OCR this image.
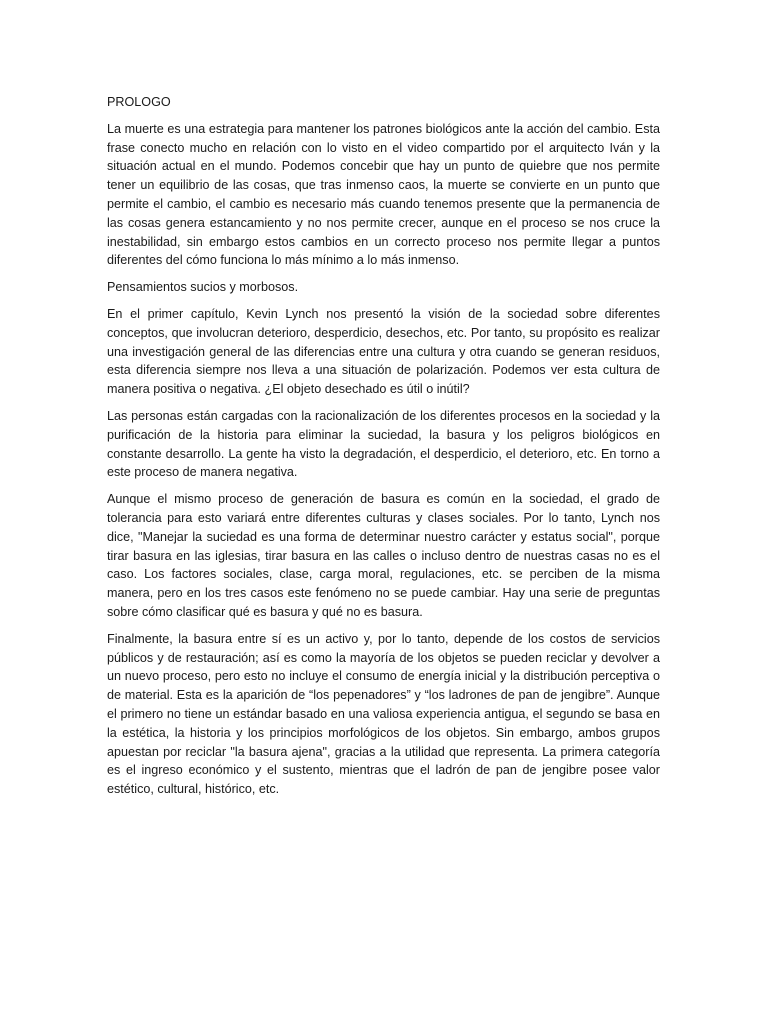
PROLOGO

La muerte es una estrategia para mantener los patrones biológicos ante la acción del cambio. Esta frase conecto mucho en relación con lo visto en el video compartido por el arquitecto Iván y la situación actual en el mundo. Podemos concebir que hay un punto de quiebre que nos permite tener un equilibrio de las cosas, que tras inmenso caos, la muerte se convierte en un punto que permite el cambio, el cambio es necesario más cuando tenemos presente que la permanencia de las cosas genera estancamiento y no nos permite crecer, aunque en el proceso se nos cruce la inestabilidad, sin embargo estos cambios en un correcto proceso nos permite llegar a puntos diferentes del cómo funciona lo más mínimo a lo más inmenso.

Pensamientos sucios y morbosos.

En el primer capítulo, Kevin Lynch nos presentó la visión de la sociedad sobre diferentes conceptos, que involucran deterioro, desperdicio, desechos, etc. Por tanto, su propósito es realizar una investigación general de las diferencias entre una cultura y otra cuando se generan residuos, esta diferencia siempre nos lleva a una situación de polarización. Podemos ver esta cultura de manera positiva o negativa. ¿El objeto desechado es útil o inútil?

Las personas están cargadas con la racionalización de los diferentes procesos en la sociedad y la purificación de la historia para eliminar la suciedad, la basura y los peligros biológicos en constante desarrollo. La gente ha visto la degradación, el desperdicio, el deterioro, etc. En torno a este proceso de manera negativa.

Aunque el mismo proceso de generación de basura es común en la sociedad, el grado de tolerancia para esto variará entre diferentes culturas y clases sociales. Por lo tanto, Lynch nos dice, "Manejar la suciedad es una forma de determinar nuestro carácter y estatus social", porque tirar basura en las iglesias, tirar basura en las calles o incluso dentro de nuestras casas no es el caso. Los factores sociales, clase, carga moral, regulaciones, etc. se perciben de la misma manera, pero en los tres casos este fenómeno no se puede cambiar. Hay una serie de preguntas sobre cómo clasificar qué es basura y qué no es basura.

Finalmente, la basura entre sí es un activo y, por lo tanto, depende de los costos de servicios públicos y de restauración; así es como la mayoría de los objetos se pueden reciclar y devolver a un nuevo proceso, pero esto no incluye el consumo de energía inicial y la distribución perceptiva o de material. Esta es la aparición de “los pepenadores” y “los ladrones de pan de jengibre”. Aunque el primero no tiene un estándar basado en una valiosa experiencia antigua, el segundo se basa en la estética, la historia y los principios morfológicos de los objetos. Sin embargo, ambos grupos apuestan por reciclar "la basura ajena", gracias a la utilidad que representa. La primera categoría es el ingreso económico y el sustento, mientras que el ladrón de pan de jengibre posee valor estético, cultural, histórico, etc.
